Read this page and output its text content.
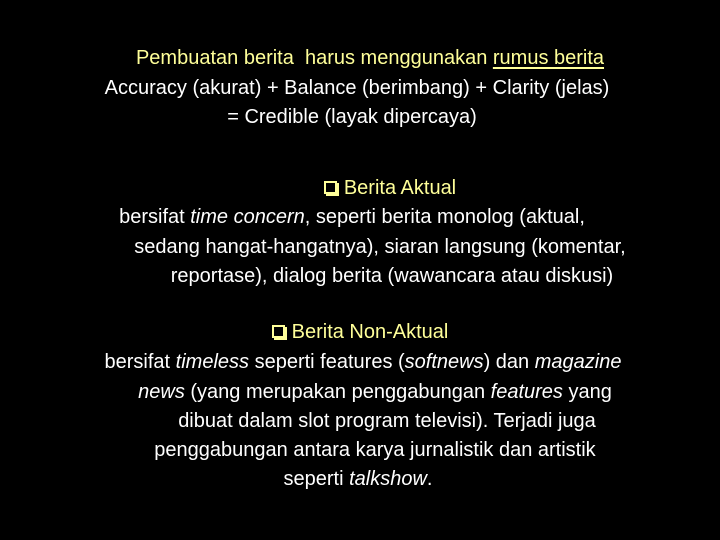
Pembuatan berita  harus menggunakan rumus berita
Accuracy (akurat) + Balance (berimbang) + Clarity (jelas)
= Credible (layak dipercaya)
Berita Aktual
bersifat time concern, seperti berita monolog (aktual,
sedang hangat-hangatnya), siaran langsung (komentar,
reportase), dialog berita (wawancara atau diskusi)
Berita Non-Aktual
bersifat timeless seperti features (softnews) dan magazine
news (yang merupakan penggabungan features yang
dibuat dalam slot program televisi). Terjadi juga
penggabungan antara karya jurnalistik dan artistik
seperti talkshow.
